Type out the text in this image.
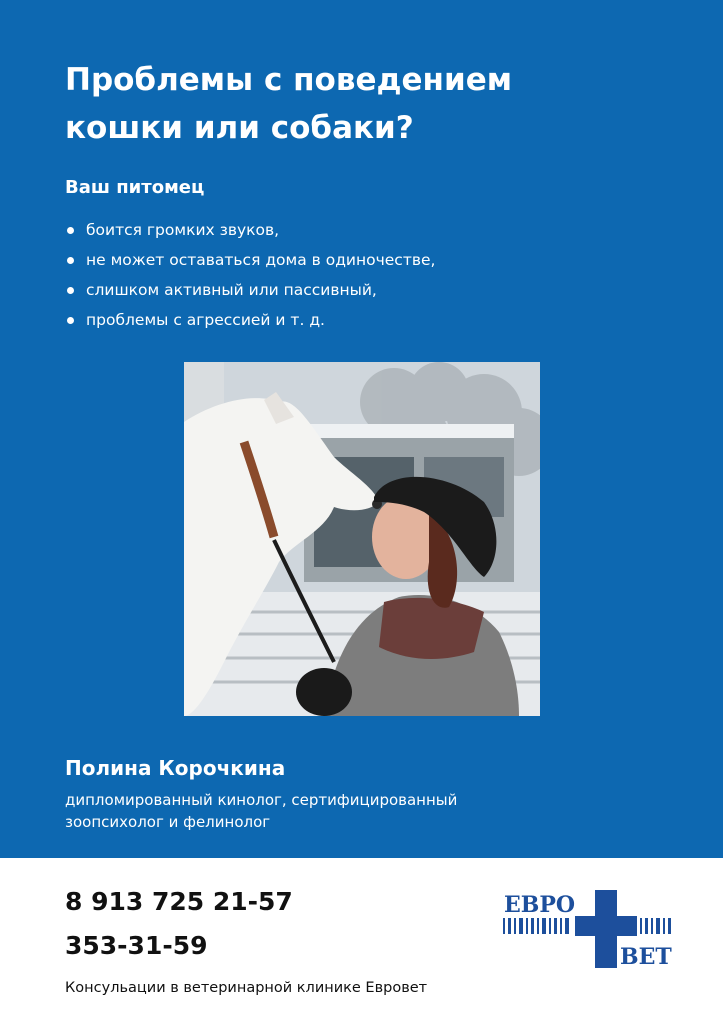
Проблемы с поведением
кошки или собаки?
Ваш питомец
боится громких звуков,
не может оставаться дома в одиночестве,
слишком активный или пассивный,
проблемы с агрессией и т. д.
Полина Корочкина
дипломированный кинолог, сертифицированный
зоопсихолог и фелинолог
8 913 725 21-57
353-31-59
Консульации в ветеринарной клинике Евровет
ЕВРО
ВЕТ
